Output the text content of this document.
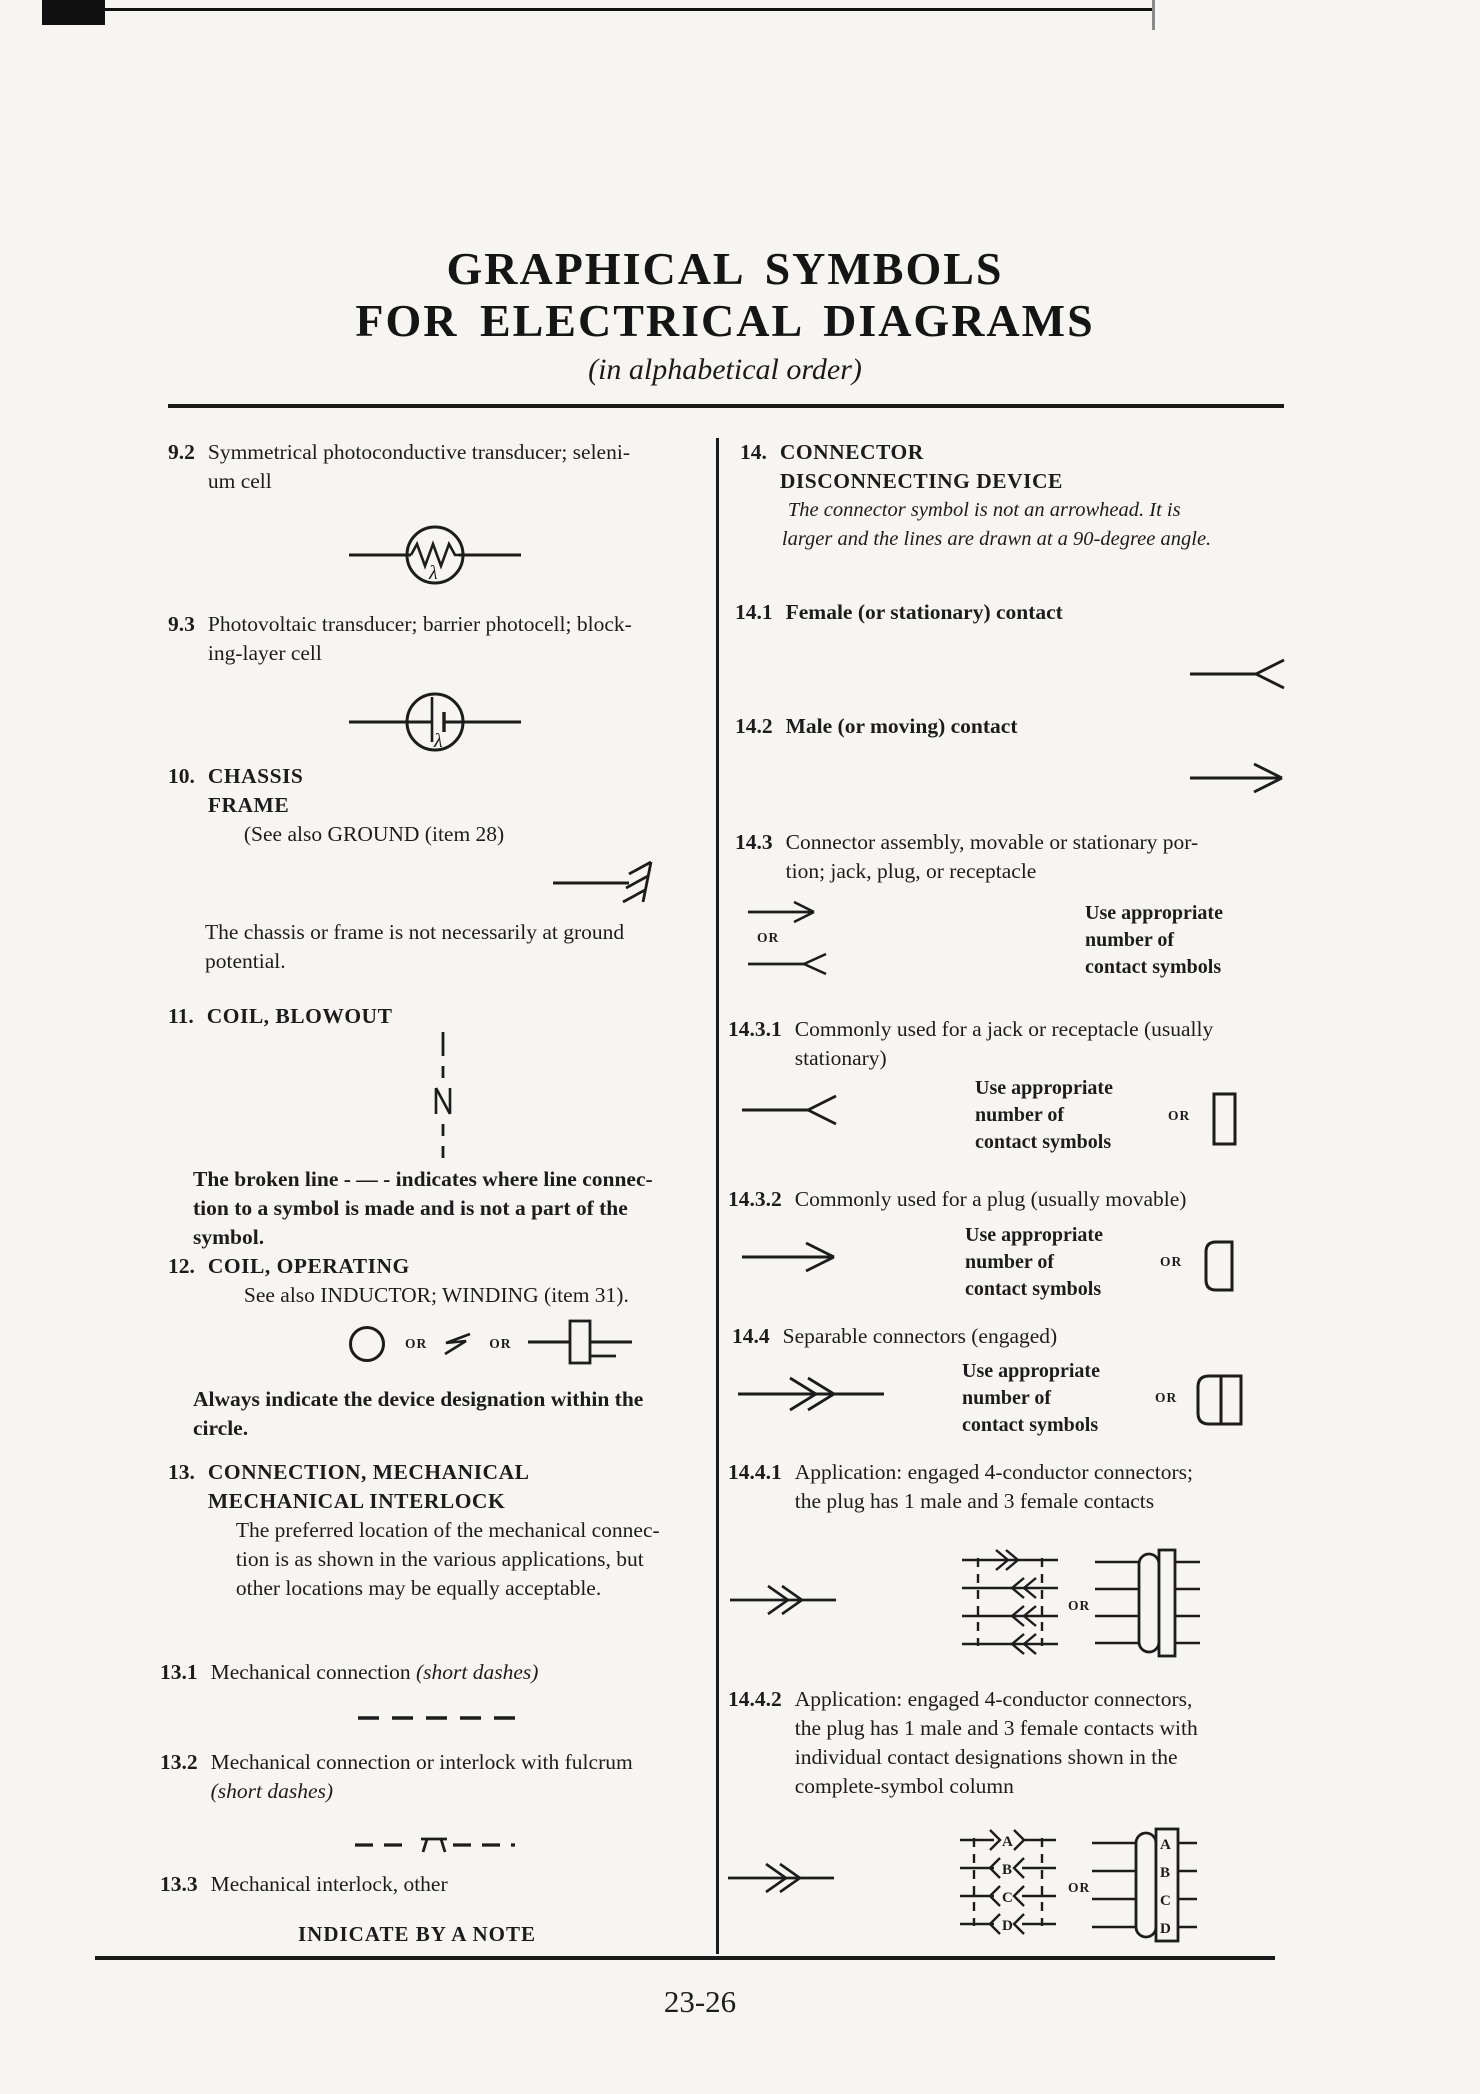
GRAPHICAL SYMBOLS
FOR ELECTRICAL DIAGRAMS
(in alphabetical order)
9.2 Symmetrical photoconductive transducer; seleni-
um cell
λ
9.3 Photovoltaic transducer; barrier photocell; block-
ing-layer cell
λ
10. CHASSIS
FRAME
(See also GROUND (item 28)
The chassis or frame is not necessarily at ground
potential.
11. COIL, BLOWOUT
The broken line - — - indicates where line connec-
tion to a symbol is made and is not a part of the
symbol.
12. COIL, OPERATING
See also INDUCTOR; WINDING (item 31).
OR	OR
Always indicate the device designation within the
circle.
13. CONNECTION, MECHANICAL
MECHANICAL INTERLOCK
The preferred location of the mechanical connec-
tion is as shown in the various applications, but
other locations may be equally acceptable.
13.1 Mechanical connection (short dashes)
13.2 Mechanical connection or interlock with fulcrum
(short dashes)
13.3 Mechanical interlock, other
INDICATE BY A NOTE
14. CONNECTOR
DISCONNECTING DEVICE
The connector symbol is not an arrowhead. It is
larger and the lines are drawn at a 90-degree angle.
14.1 Female (or stationary) contact
14.2 Male (or moving) contact
14.3 Connector assembly, movable or stationary por-
tion; jack, plug, or receptacle
OR
Use appropriate
number of
contact symbols
14.3.1 Commonly used for a jack or receptacle (usually
stationary)
Use appropriate
number of
contact symbols
OR
14.3.2 Commonly used for a plug (usually movable)
Use appropriate
number of
contact symbols
OR
14.4 Separable connectors (engaged)
Use appropriate
number of
contact symbols
OR
14.4.1 Application: engaged 4-conductor connectors;
the plug has 1 male and 3 female contacts
OR
14.4.2 Application: engaged 4-conductor connectors,
the plug has 1 male and 3 female contacts with
individual contact designations shown in the
complete-symbol column
A
B
C
D
OR
A
B
C
D
23-26
